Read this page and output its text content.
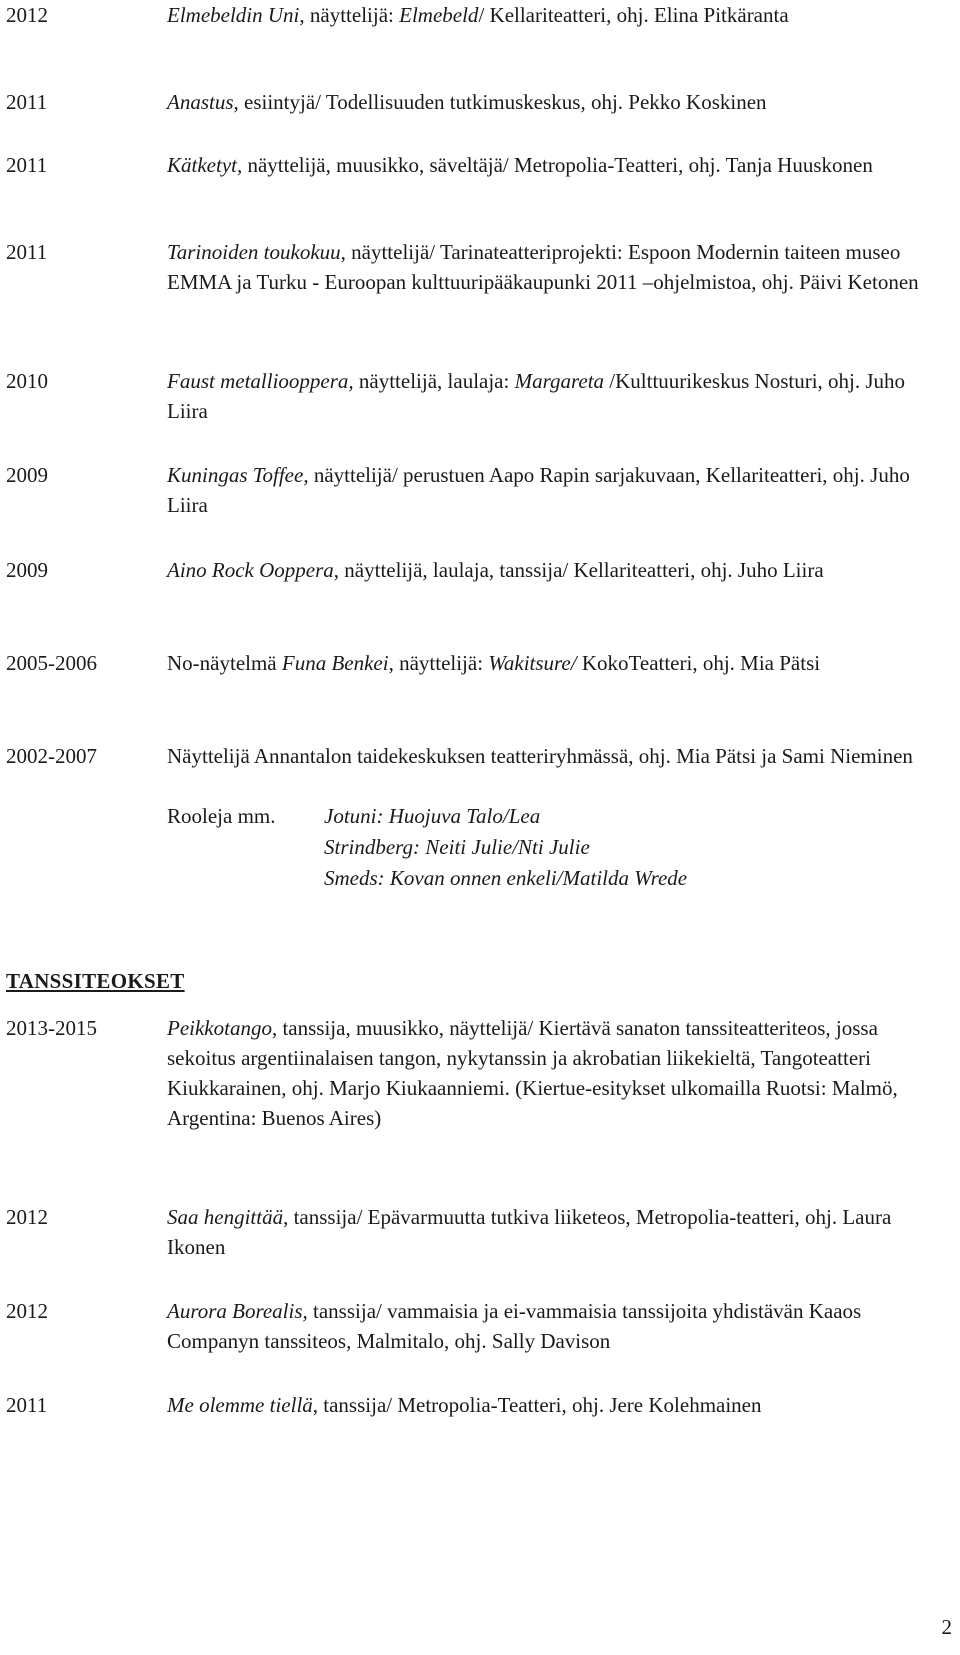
2012	Elmebeldin Uni, näyttelijä: Elmebeld/ Kellariteatteri, ohj. Elina Pitkäranta
2011	Anastus, esiintyjä/ Todellisuuden tutkimuskeskus, ohj. Pekko Koskinen
2011	Kätketyt, näyttelijä, muusikko, säveltäjä/ Metropolia-Teatteri, ohj. Tanja Huuskonen
2011	Tarinoiden toukokuu, näyttelijä/ Tarinateatteriprojekti: Espoon Modernin taiteen museo EMMA ja Turku - Euroopan kulttuuripääkaupunki 2011 –ohjelmistoa, ohj. Päivi Ketonen
2010	Faust metallioopperа, näyttelijä, laulaja: Margareta /Kulttuurikeskus Nosturi, ohj. Juho Liira
2009	Kuningas Toffee, näyttelijä/ perustuen Aapo Rapin sarjakuvaan, Kellariteatteri, ohj. Juho Liira
2009	Aino Rock Ooppera, näyttelijä, laulaja, tanssija/ Kellariteatteri, ohj. Juho Liira
2005-2006	No-näytelmä Funa Benkei, näyttelijä: Wakitsure/ KokoTeatteri, ohj. Mia Pätsi
2002-2007	Näyttelijä Annantalon taidekeskuksen teatteriryhmässä, ohj. Mia Pätsi ja Sami Nieminen
Rooleja mm.	Jotuni: Huojuva Talo/Lea
Strindberg: Neiti Julie/Nti Julie
Smeds: Kovan onnen enkeli/Matilda Wrede
TANSSITEOKSET
2013-2015	Peikkotango, tanssija, muusikko, näyttelijä/ Kiertävä sanaton tanssiteatteriteos, jossa sekoitus argentiinalaisen tangon, nykytanssin ja akrobatian liikekieltä, Tangoteatteri Kiukkarainen, ohj. Marjo Kiukaanniemi. (Kiertue-esitykset ulkomailla Ruotsi: Malmö, Argentina: Buenos Aires)
2012	Saa hengittää, tanssija/ Epävarmuutta tutkiva liiketeos, Metropolia-teatteri, ohj. Laura Ikonen
2012	Aurora Borealis, tanssija/ vammaisia ja ei-vammaisia tanssijoita yhdistävän Kaaos Companyn tanssiteos, Malmitalo, ohj. Sally Davison
2011	Me olemme tiellä, tanssija/ Metropolia-Teatteri, ohj. Jere Kolehmainen
2
